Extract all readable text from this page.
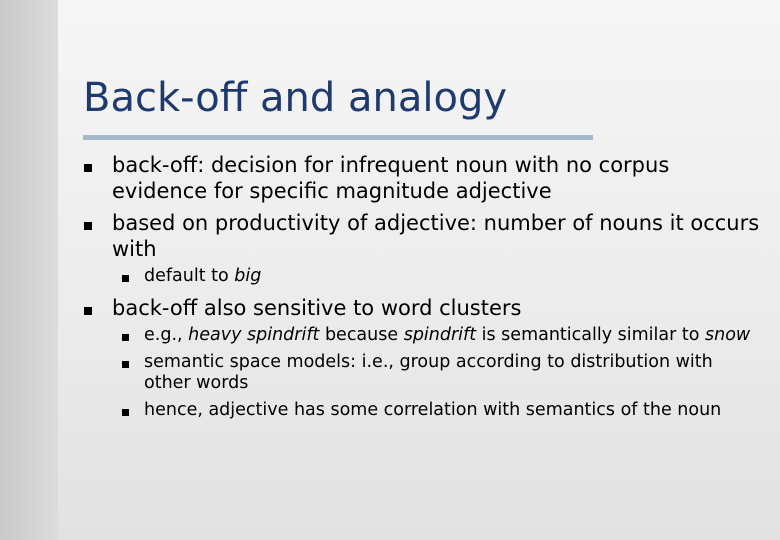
Back-off and analogy
back-off: decision for infrequent noun with no corpus evidence for specific magnitude adjective
based on productivity of adjective: number of nouns it occurs with
default to big
back-off also sensitive to word clusters
e.g., heavy spindrift because spindrift is semantically similar to snow
semantic space models: i.e., group according to distribution with other words
hence, adjective has some correlation with semantics of the noun
